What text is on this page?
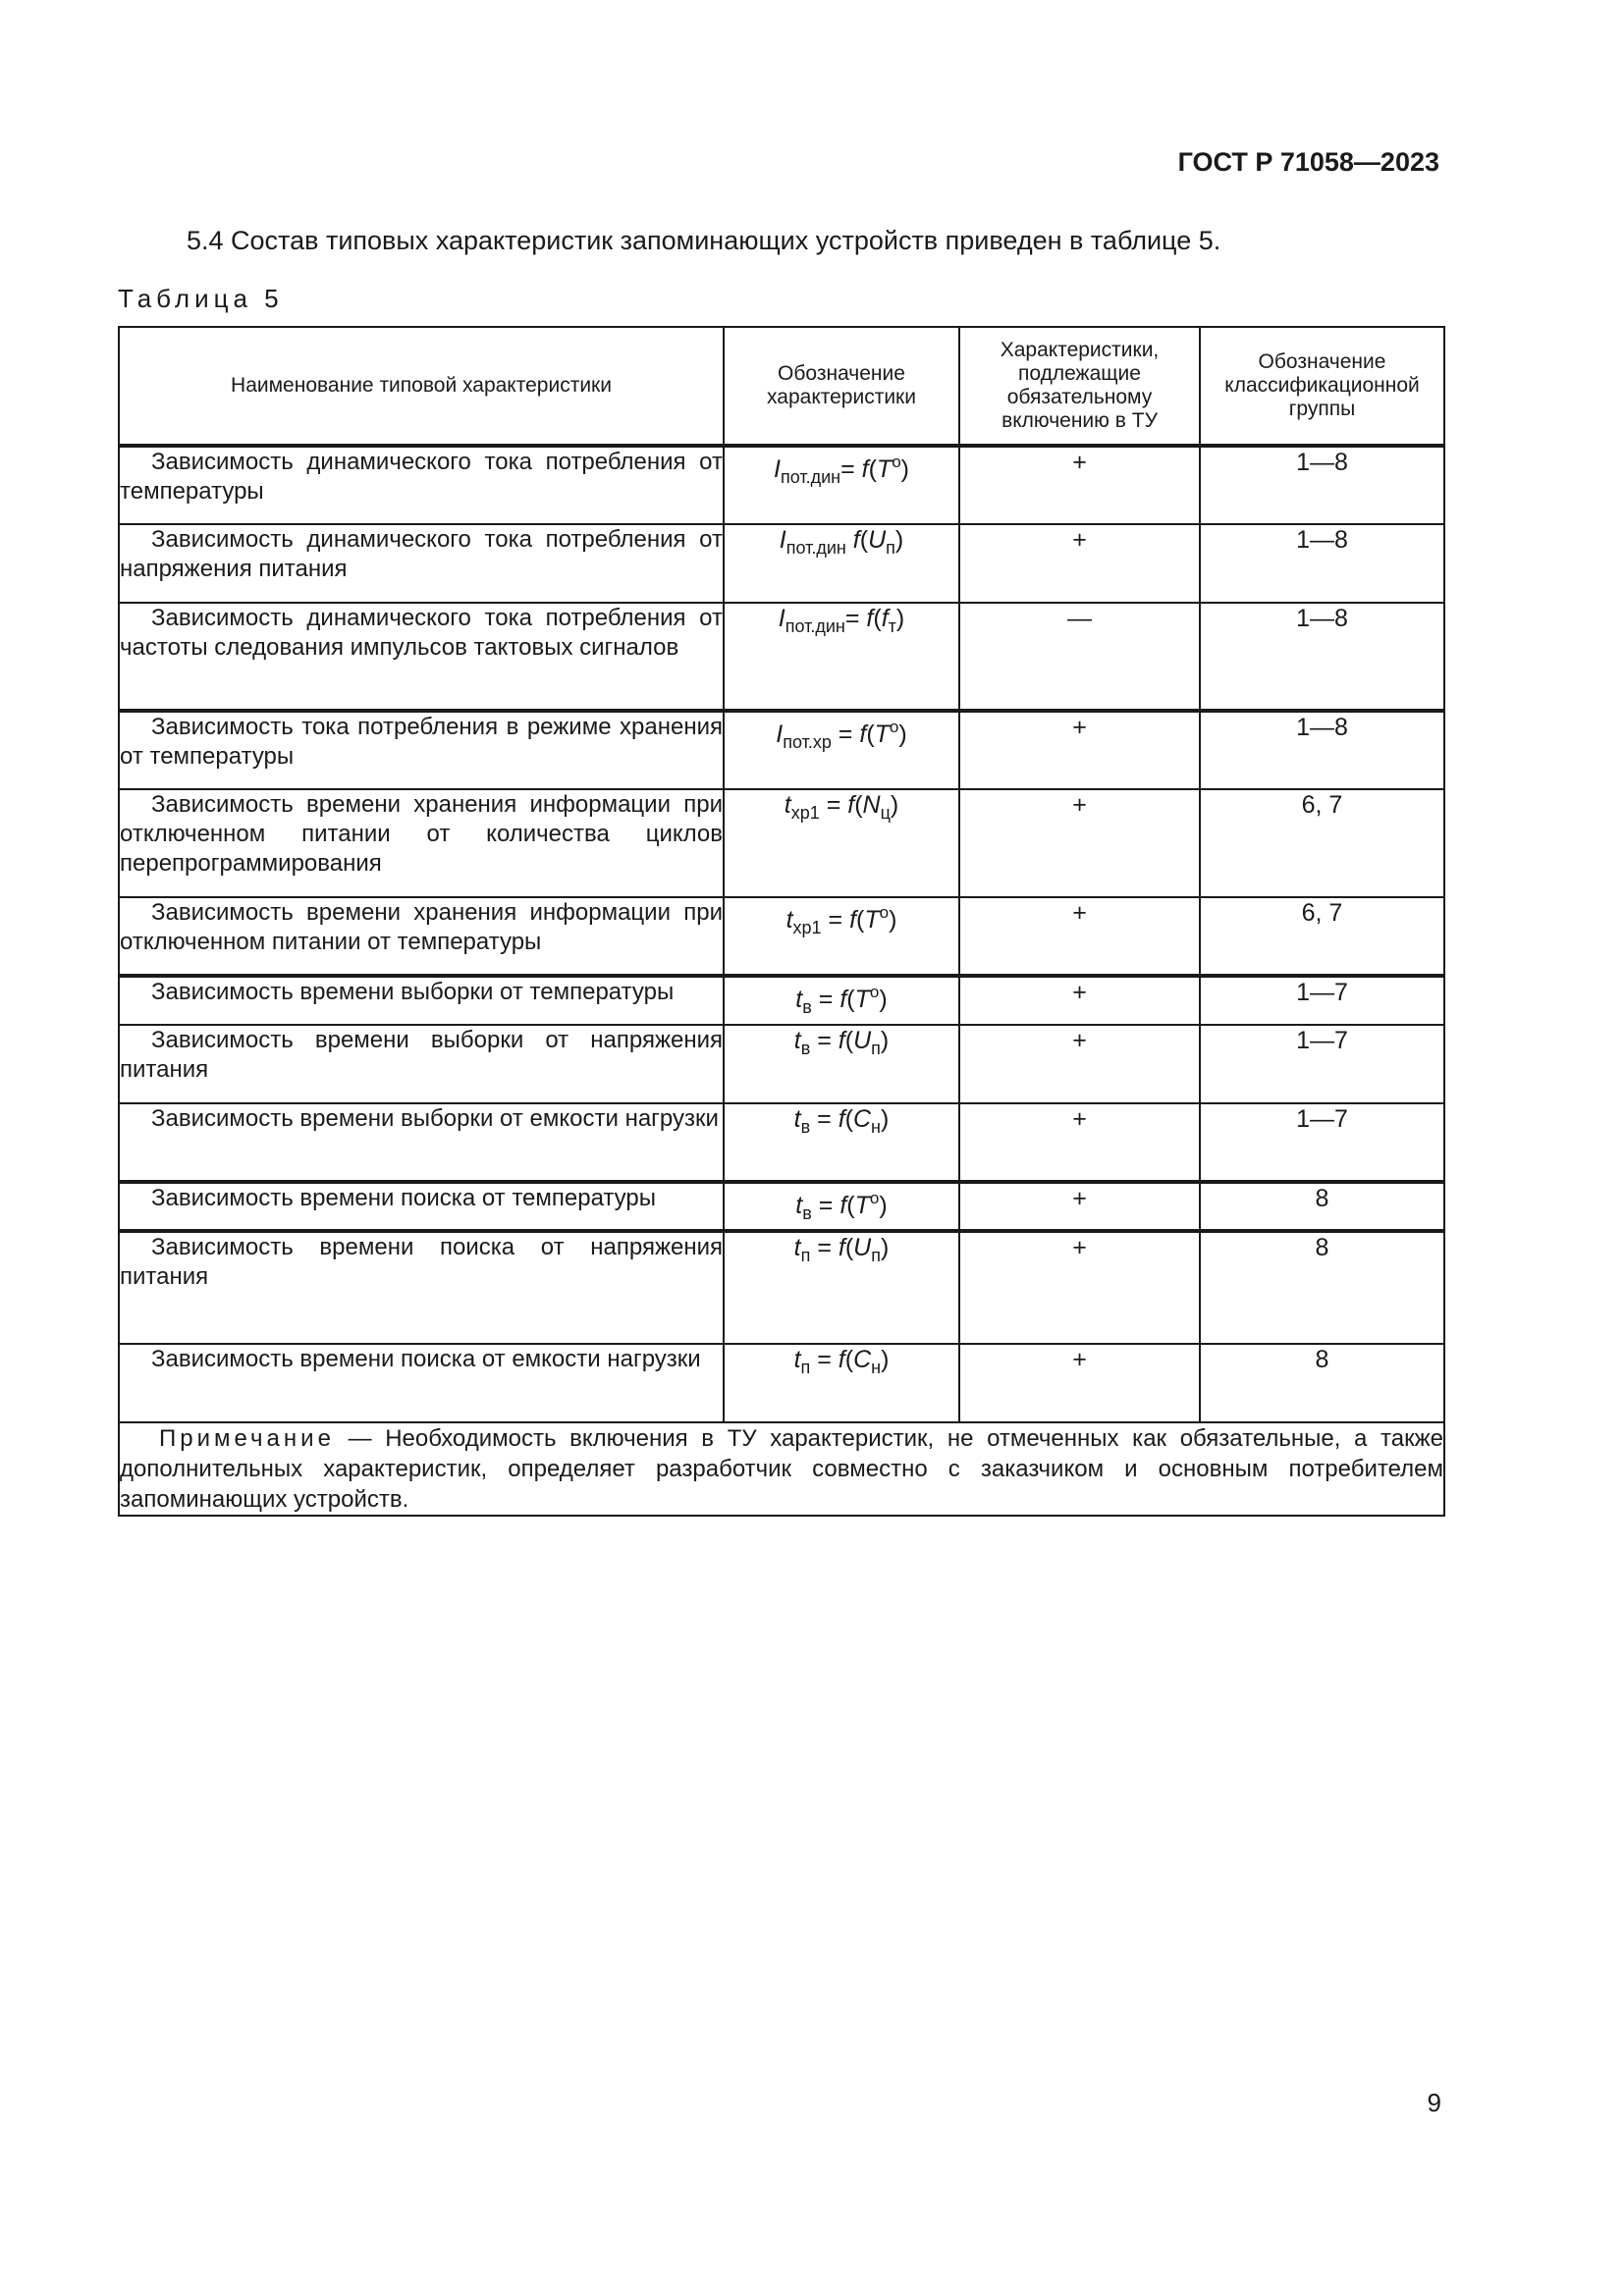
ГОСТ Р 71058—2023
5.4 Состав типовых характеристик запоминающих устройств приведен в таблице 5.
Таблица 5
Наименование типовой характеристики	Обозначение характеристики	Характеристики, подлежащие обязательному включению в ТУ	Обозначение классификационной группы

Зависимость динамического тока потребления от температуры	$I_{пот.дин}= f(T^о)$	+	1—8

Зависимость динамического тока потребления от напряжения питания	$I_{пот.дин}$ $f(U_п)$	+	1—8

Зависимость динамического тока потребления от частоты следования импульсов тактовых сигналов	$I_{пот.дин}= f(f_т)$	—	1—8

Зависимость тока потребления в режиме хранения от температуры	$I_{пот.хр} = f(T^о)$	+	1—8

Зависимость времени хранения информации при отключенном питании от количества циклов перепрограммирования	$t_{хр1} = f(N_ц)$	+	6, 7

Зависимость времени хранения информации при отключенном питании от температуры	$t_{хр1} = f(T^о)$	+	6, 7

Зависимость времени выборки от температуры	$t_в = f(T^о)$	+	1—7

Зависимость времени выборки от напряжения питания	$t_в = f(U_п)$	+	1—7

Зависимость времени выборки от емкости нагрузки	$t_в = f(C_н)$	+	1—7

Зависимость времени поиска от температуры	$t_в = f(T^о)$	+	8

Зависимость времени поиска от напряжения питания	$t_п = f(U_п)$	+	8

Зависимость времени поиска от емкости нагрузки	$t_п = f(C_н)$	+	8
Примечание — Необходимость включения в ТУ характеристик, не отмеченных как обязательные, а также дополнительных характеристик, определяет разработчик совместно с заказчиком и основным потребителем запоминающих устройств.			
9
